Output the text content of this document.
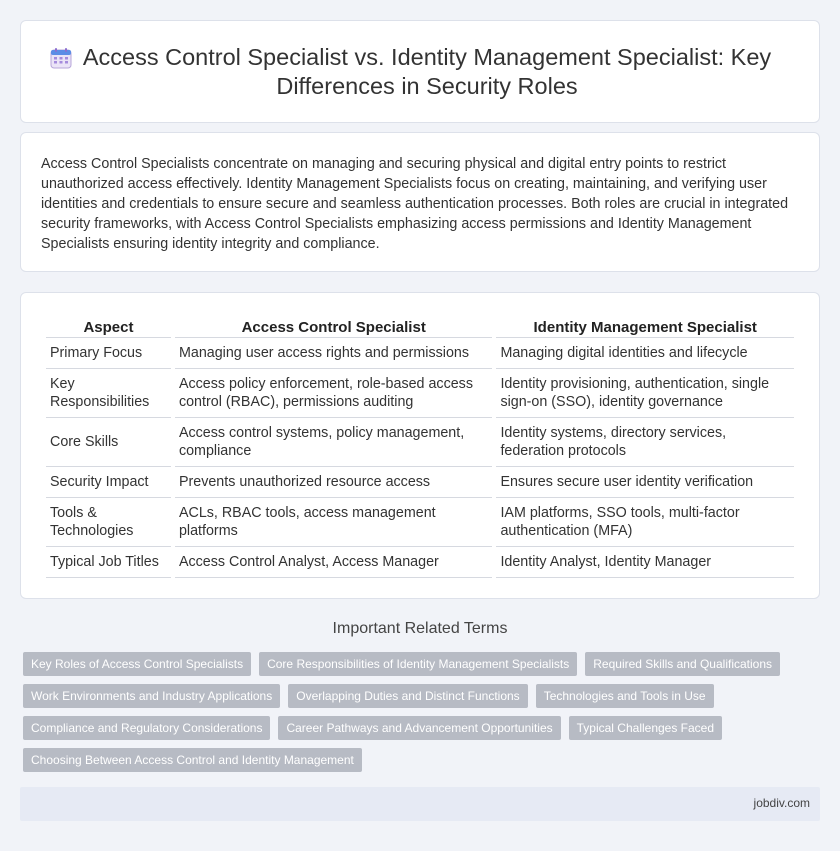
Access Control Specialist vs. Identity Management Specialist: Key Differences in Security Roles

Access Control Specialists concentrate on managing and securing physical and digital entry points to restrict unauthorized access effectively. Identity Management Specialists focus on creating, maintaining, and verifying user identities and credentials to ensure secure and seamless authentication processes. Both roles are crucial in integrated security frameworks, with Access Control Specialists emphasizing access permissions and Identity Management Specialists ensuring identity integrity and compliance.

Aspect	Access Control Specialist	Identity Management Specialist
Primary Focus	Managing user access rights and permissions	Managing digital identities and lifecycle
Key Responsibilities	Access policy enforcement, role-based access control (RBAC), permissions auditing	Identity provisioning, authentication, single sign-on (SSO), identity governance
Core Skills	Access control systems, policy management, compliance	Identity systems, directory services, federation protocols
Security Impact	Prevents unauthorized resource access	Ensures secure user identity verification
Tools & Technologies	ACLs, RBAC tools, access management platforms	IAM platforms, SSO tools, multi-factor authentication (MFA)
Typical Job Titles	Access Control Analyst, Access Manager	Identity Analyst, Identity Manager
Important Related Terms
Key Roles of Access Control Specialists	Core Responsibilities of Identity Management Specialists	Required Skills and Qualifications
Work Environments and Industry Applications	Overlapping Duties and Distinct Functions	Technologies and Tools in Use
Compliance and Regulatory Considerations	Career Pathways and Advancement Opportunities	Typical Challenges Faced
Choosing Between Access Control and Identity Management
jobdiv.com
